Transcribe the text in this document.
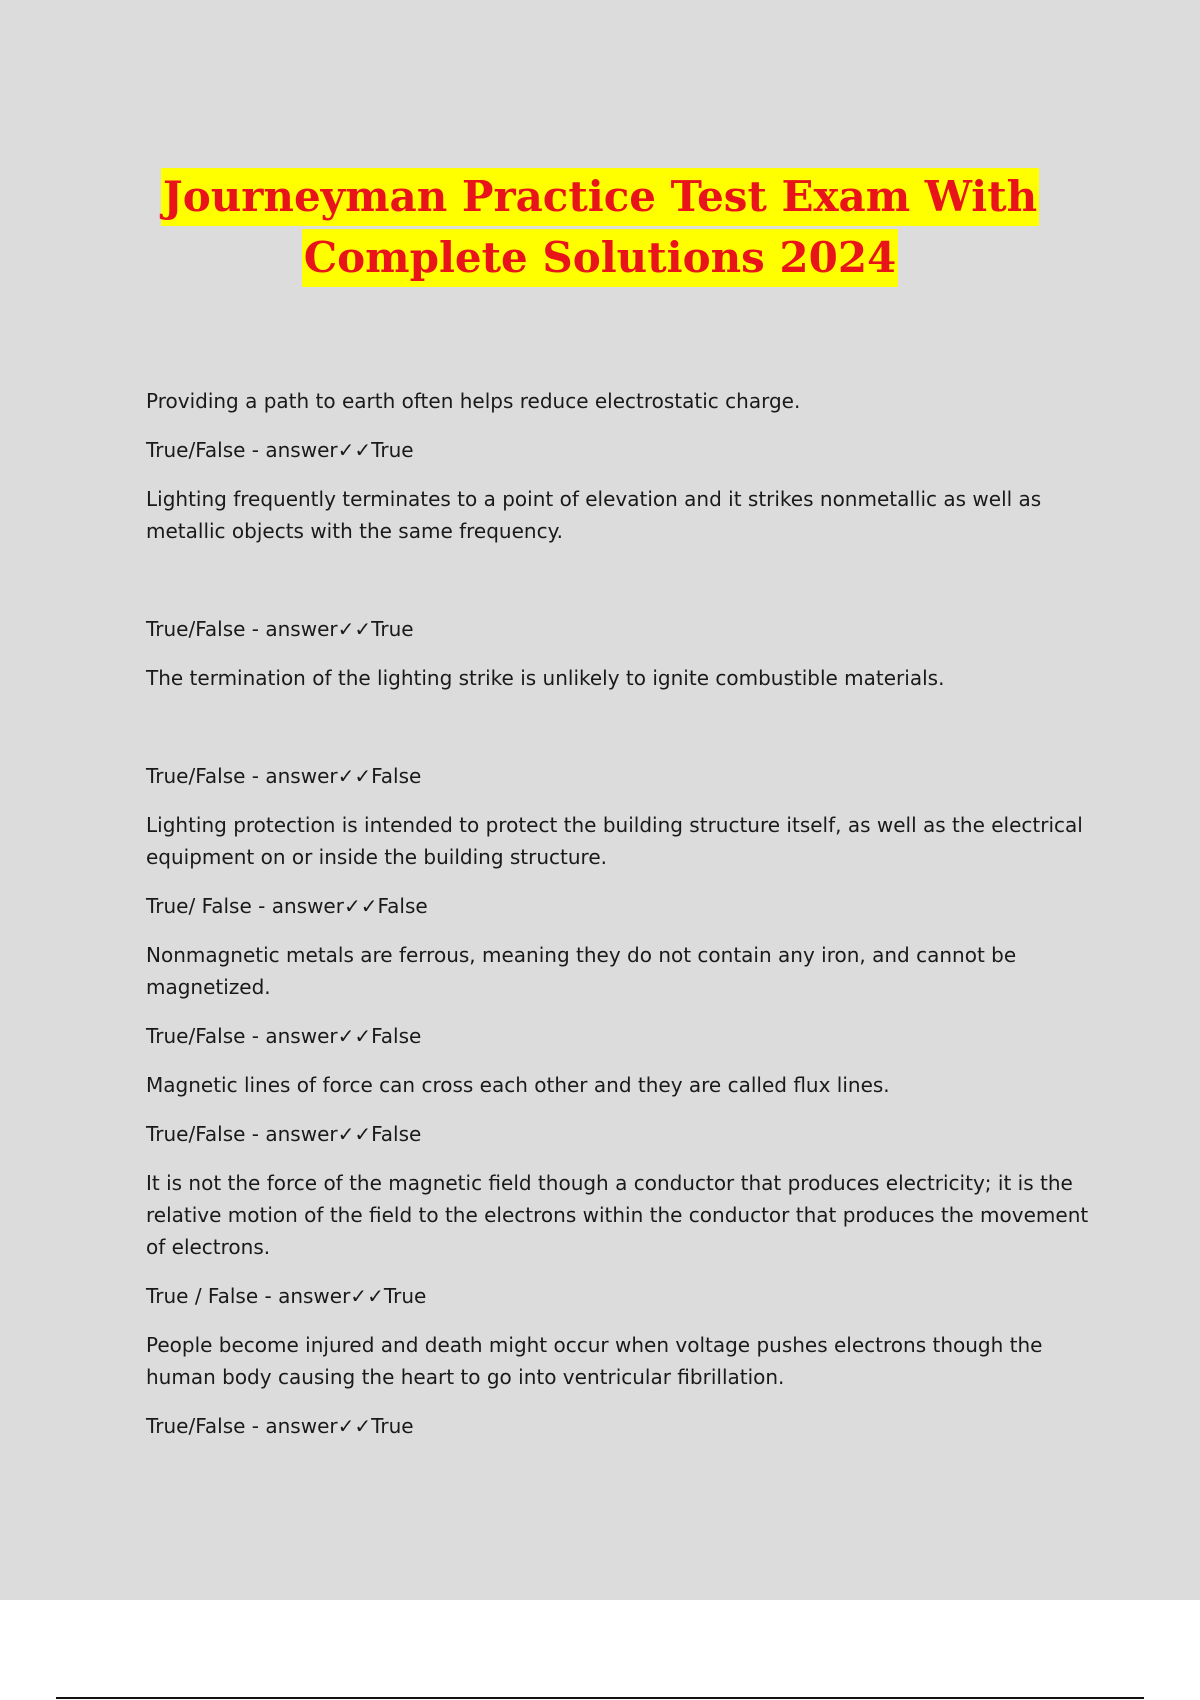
Journeyman Practice Test Exam With
Complete Solutions 2024

Providing a path to earth often helps reduce electrostatic charge.

True/False - answer✓✓True

Lighting frequently terminates to a point of elevation and it strikes nonmetallic as well as

metallic objects with the same frequency.

True/False - answer✓✓True

The termination of the lighting strike is unlikely to ignite combustible materials.

True/False - answer✓✓False

Lighting protection is intended to protect the building structure itself, as well as the electrical

equipment on or inside the building structure.

True/ False - answer✓✓False

Nonmagnetic metals are ferrous, meaning they do not contain any iron, and cannot be

magnetized.

True/False - answer✓✓False

Magnetic lines of force can cross each other and they are called flux lines.

True/False - answer✓✓False

It is not the force of the magnetic field though a conductor that produces electricity; it is the

relative motion of the field to the electrons within the conductor that produces the movement

of electrons.

True / False - answer✓✓True

People become injured and death might occur when voltage pushes electrons though the

human body causing the heart to go into ventricular fibrillation.

True/False - answer✓✓True
